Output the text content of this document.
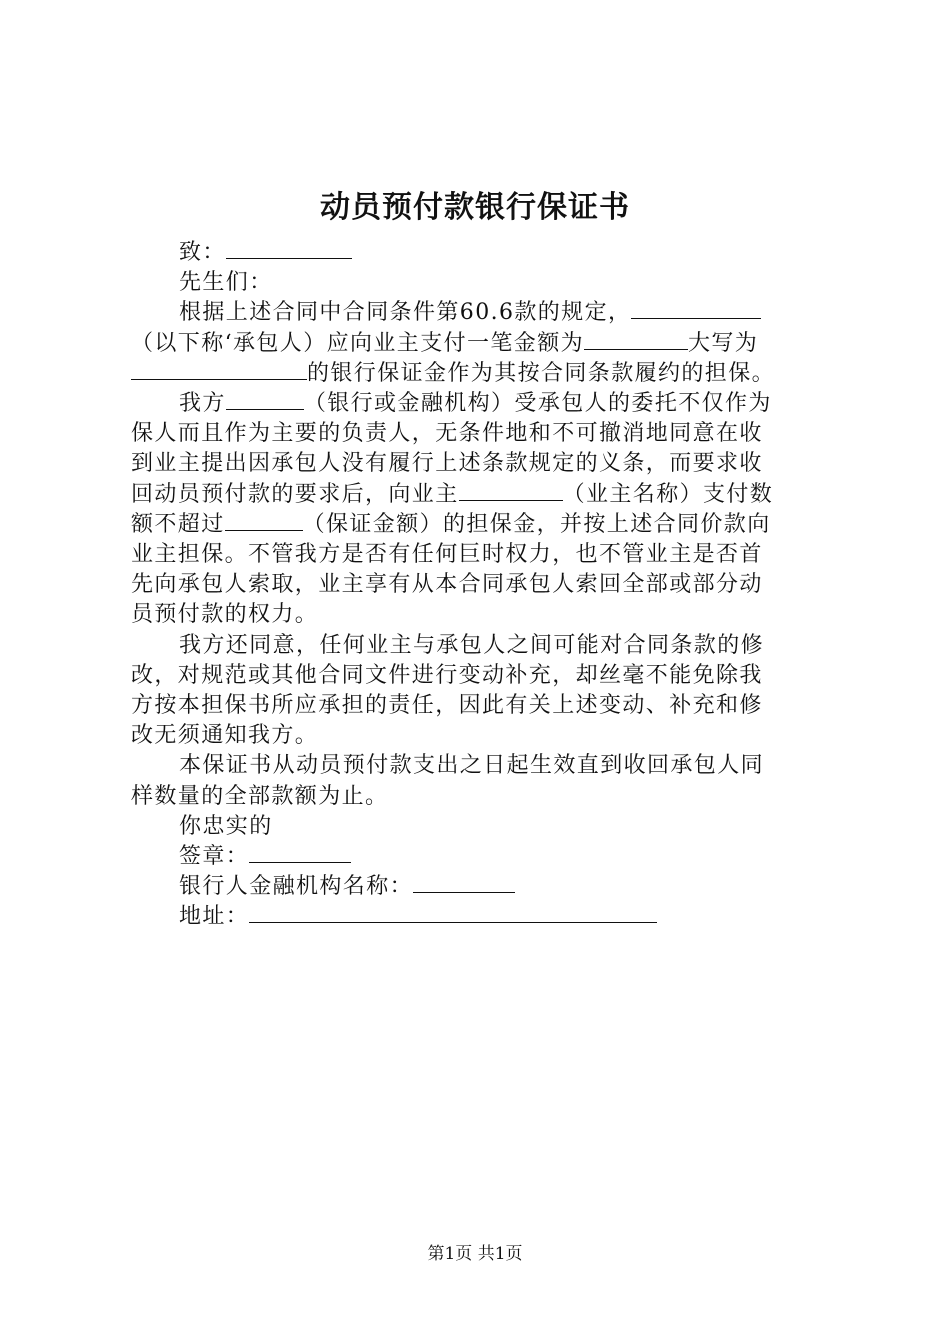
动员预付款银行保证书
致：
先生们：
根据上述合同中合同条件第60.6款的规定，
（以下称‘承包人）应向业主支付一笔金额为	大写为
的银行保证金作为其按合同条款履约的担保。
我方	（银行或金融机构）受承包人的委托不仅作为
保人而且作为主要的负责人，无条件地和不可撤消地同意在收
到业主提出因承包人没有履行上述条款规定的义条，而要求收
回动员预付款的要求后，向业主	（业主名称）支付数
额不超过	（保证金额）的担保金，并按上述合同价款向
业主担保。不管我方是否有任何巨时权力，也不管业主是否首
先向承包人索取，业主享有从本合同承包人索回全部或部分动
员预付款的权力。
我方还同意，任何业主与承包人之间可能对合同条款的修
改，对规范或其他合同文件进行变动补充，却丝毫不能免除我
方按本担保书所应承担的责任，因此有关上述变动、补充和修
改无须通知我方。
本保证书从动员预付款支出之日起生效直到收回承包人同
样数量的全部款额为止。
你忠实的
签章：
银行人金融机构名称：
地址：
第1页 共1页
